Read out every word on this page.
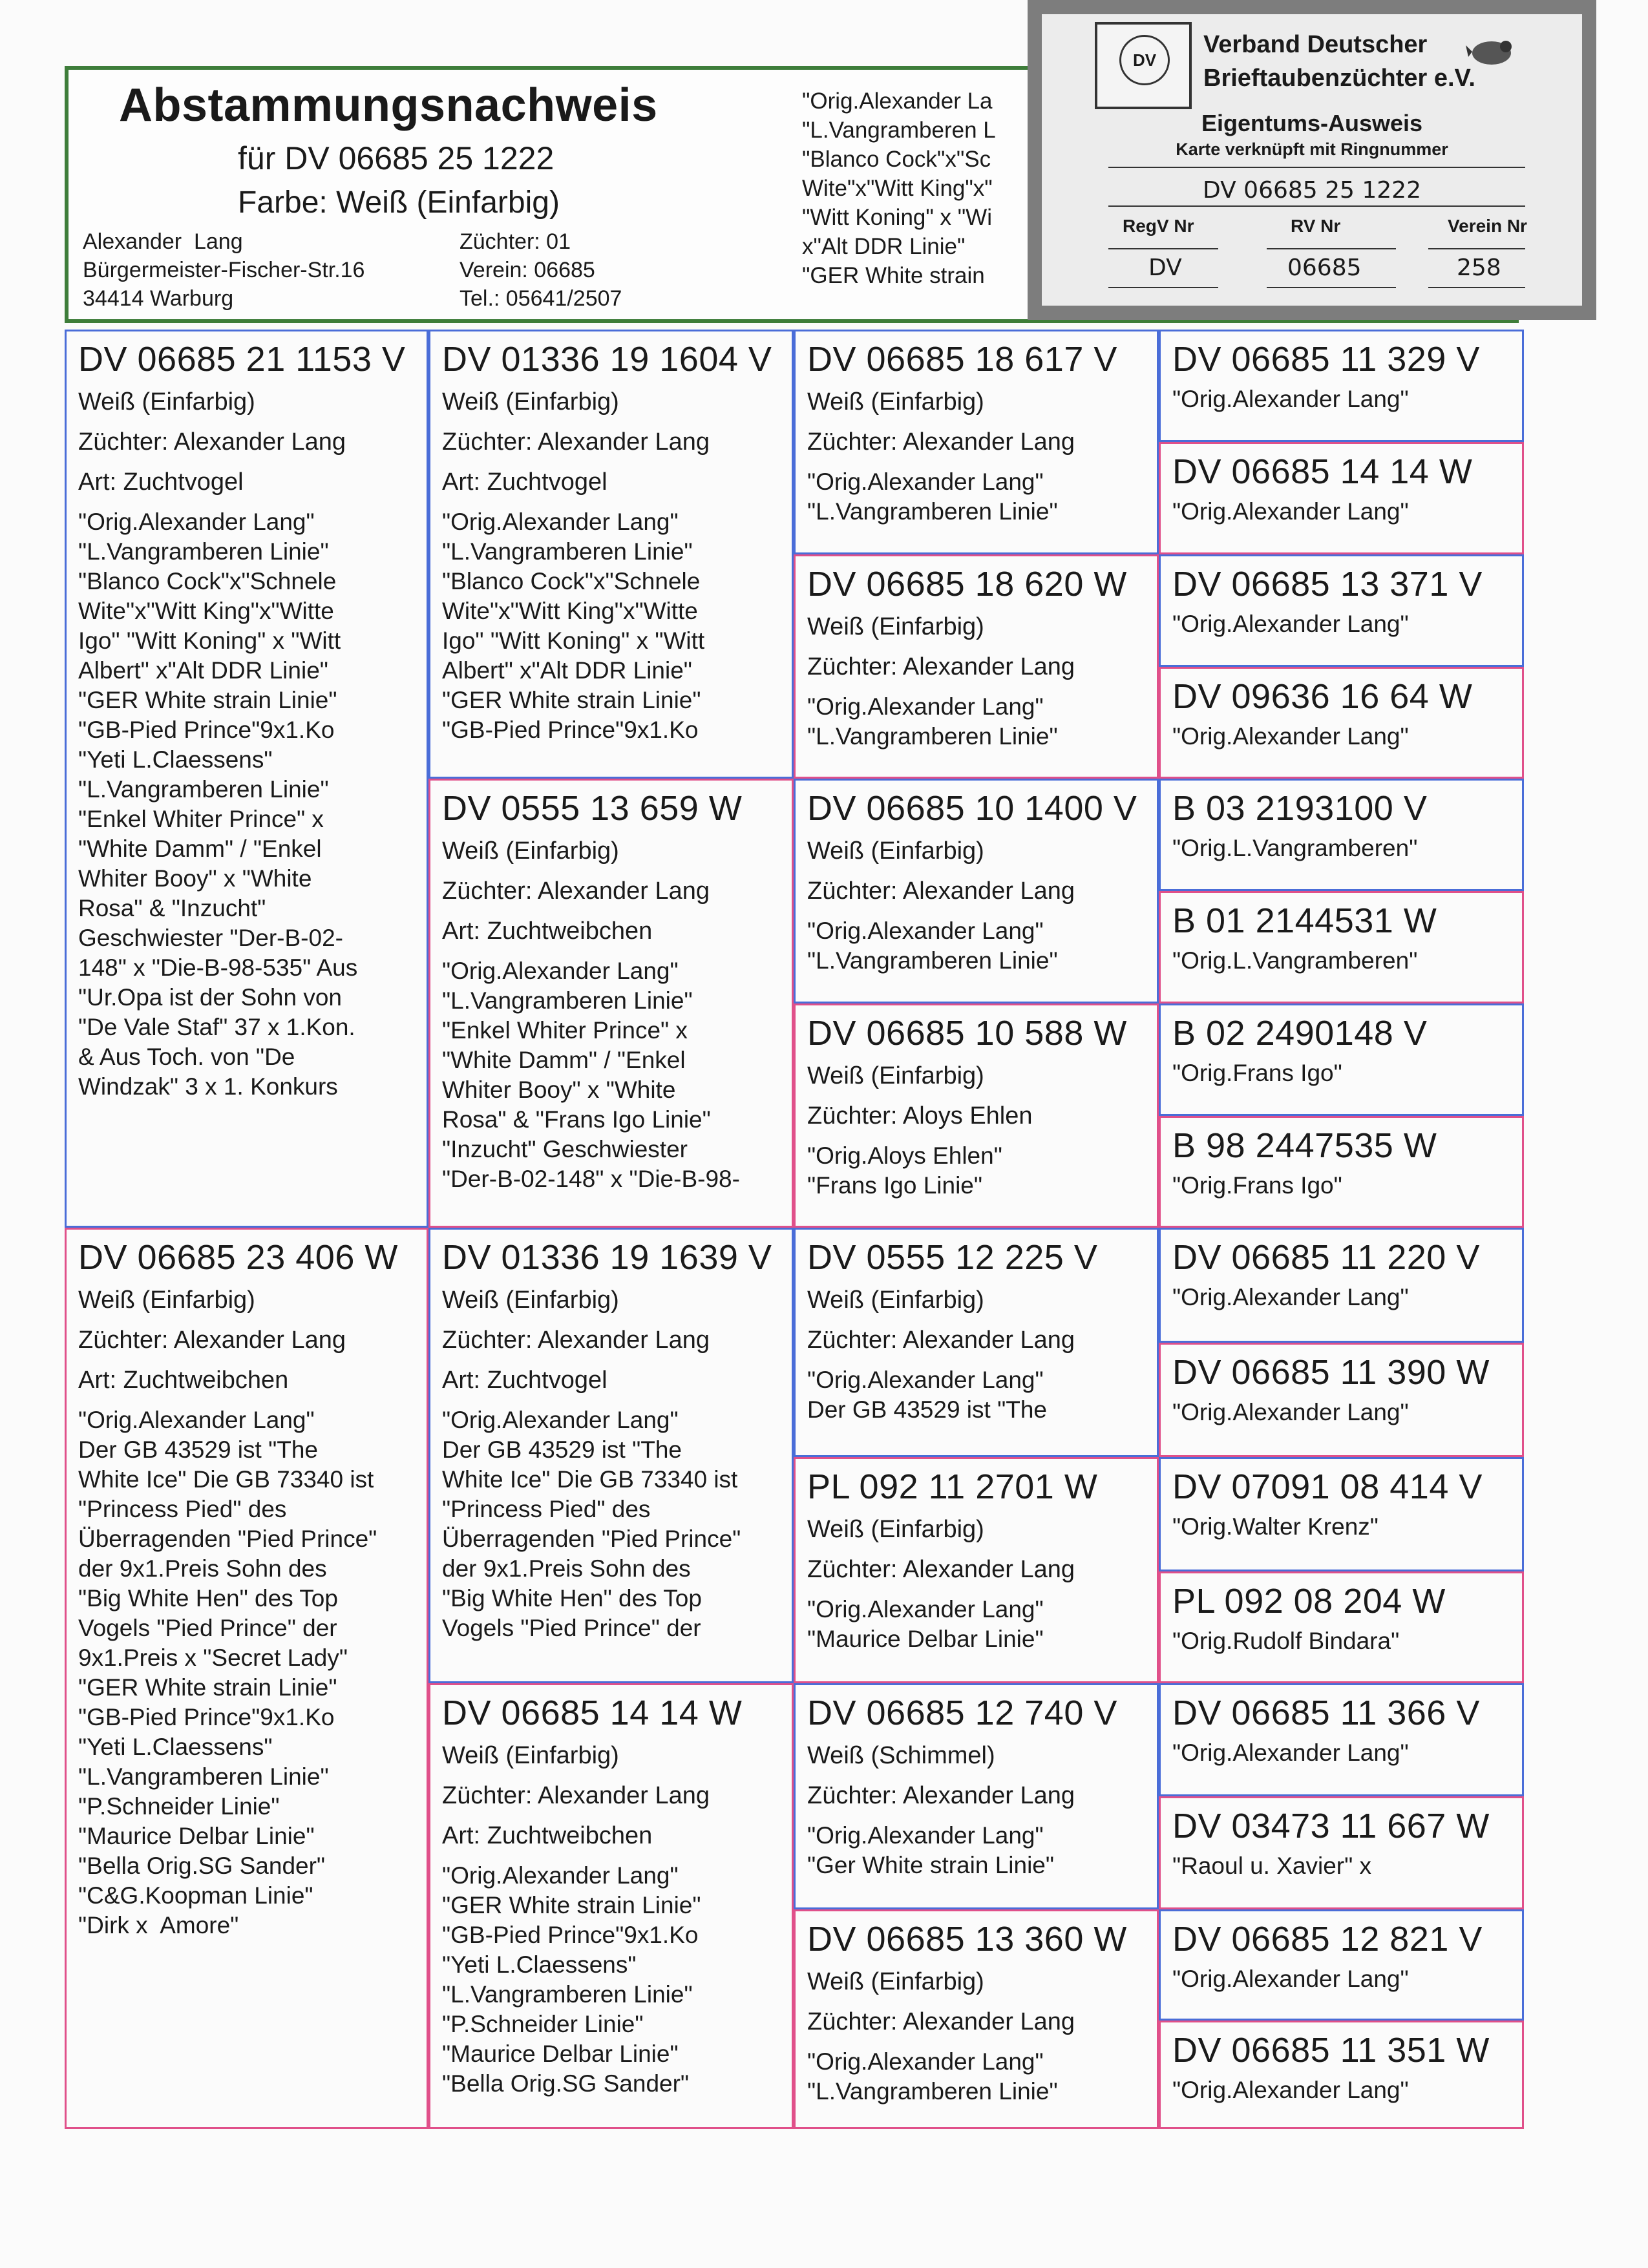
Abstammungsnachweis
für DV 06685 25 1222
Farbe: Weiß (Einfarbig)
Alexander  Lang
Bürgermeister-Fischer-Str.16
34414 Warburg
Züchter: 01
Verein: 06685
Tel.: 05641/2507
"Orig.Alexander La
"L.Vangramberen L
"Blanco Cock"x"Sc
Wite"x"Witt King"x"
"Witt Koning" x "Wi
x"Alt DDR Linie"
"GER White strain
DV
Verband Deutscher
Brieftaubenzüchter e.V.
Eigentums-Ausweis
Karte verknüpft mit Ringnummer
DV 06685 25 1222
RegV Nr	RV Nr	Verein Nr
DV	06685	258
DV 06685 21 1153 V
Weiß (Einfarbig)
Züchter: Alexander Lang
Art: Zuchtvogel
"Orig.Alexander Lang"
"L.Vangramberen Linie"
"Blanco Cock"x"Schnele
Wite"x"Witt King"x"Witte
Igo" "Witt Koning" x "Witt
Albert" x"Alt DDR Linie"
"GER White strain Linie"
"GB-Pied Prince"9x1.Ko
"Yeti L.Claessens"
"L.Vangramberen Linie"
"Enkel Whiter Prince" x
"White Damm" / "Enkel
Whiter Booy" x "White
Rosa" & "Inzucht"
Geschwiester "Der-B-02-
148" x "Die-B-98-535" Aus
"Ur.Opa ist der Sohn von
"De Vale Staf" 37 x 1.Kon.
& Aus Toch. von "De
Windzak" 3 x 1. Konkurs
DV 01336 19 1604 V
Weiß (Einfarbig)
Züchter: Alexander Lang
Art: Zuchtvogel
"Orig.Alexander Lang"
"L.Vangramberen Linie"
"Blanco Cock"x"Schnele
Wite"x"Witt King"x"Witte
Igo" "Witt Koning" x "Witt
Albert" x"Alt DDR Linie"
"GER White strain Linie"
"GB-Pied Prince"9x1.Ko
DV 0555 13 659 W
Weiß (Einfarbig)
Züchter: Alexander Lang
Art: Zuchtweibchen
"Orig.Alexander Lang"
"L.Vangramberen Linie"
"Enkel Whiter Prince" x
"White Damm" / "Enkel
Whiter Booy" x "White
Rosa" & "Frans Igo Linie"
"Inzucht" Geschwiester
"Der-B-02-148" x "Die-B-98-
DV 06685 18 617 V
Weiß (Einfarbig)
Züchter: Alexander Lang
"Orig.Alexander Lang"
"L.Vangramberen Linie"
DV 06685 18 620 W
Weiß (Einfarbig)
Züchter: Alexander Lang
"Orig.Alexander Lang"
"L.Vangramberen Linie"
DV 06685 10 1400 V
Weiß (Einfarbig)
Züchter: Alexander Lang
"Orig.Alexander Lang"
"L.Vangramberen Linie"
DV 06685 10 588 W
Weiß (Einfarbig)
Züchter: Aloys Ehlen
"Orig.Aloys Ehlen"
"Frans Igo Linie"
DV 06685 11 329 V
"Orig.Alexander Lang"
DV 06685 14 14 W
"Orig.Alexander Lang"
DV 06685 13 371 V
"Orig.Alexander Lang"
DV 09636 16 64 W
"Orig.Alexander Lang"
B 03 2193100 V
"Orig.L.Vangramberen"
B 01 2144531 W
"Orig.L.Vangramberen"
B 02 2490148 V
"Orig.Frans Igo"
B 98 2447535 W
"Orig.Frans Igo"
DV 06685 23 406 W
Weiß (Einfarbig)
Züchter: Alexander Lang
Art: Zuchtweibchen
"Orig.Alexander Lang"
Der GB 43529 ist "The
White Ice" Die GB 73340 ist
"Princess Pied" des
Überragenden "Pied Prince"
der 9x1.Preis Sohn des
"Big White Hen" des Top
Vogels "Pied Prince" der
9x1.Preis x "Secret Lady"
"GER White strain Linie"
"GB-Pied Prince"9x1.Ko
"Yeti L.Claessens"
"L.Vangramberen Linie"
"P.Schneider Linie"
"Maurice Delbar Linie"
"Bella Orig.SG Sander"
"C&G.Koopman Linie"
"Dirk x  Amore"
DV 01336 19 1639 V
Weiß (Einfarbig)
Züchter: Alexander Lang
Art: Zuchtvogel
"Orig.Alexander Lang"
Der GB 43529 ist "The
White Ice" Die GB 73340 ist
"Princess Pied" des
Überragenden "Pied Prince"
der 9x1.Preis Sohn des
"Big White Hen" des Top
Vogels "Pied Prince" der
DV 06685 14 14 W
Weiß (Einfarbig)
Züchter: Alexander Lang
Art: Zuchtweibchen
"Orig.Alexander Lang"
"GER White strain Linie"
"GB-Pied Prince"9x1.Ko
"Yeti L.Claessens"
"L.Vangramberen Linie"
"P.Schneider Linie"
"Maurice Delbar Linie"
"Bella Orig.SG Sander"
DV 0555 12 225 V
Weiß (Einfarbig)
Züchter: Alexander Lang
"Orig.Alexander Lang"
Der GB 43529 ist "The
PL 092 11 2701 W
Weiß (Einfarbig)
Züchter: Alexander Lang
"Orig.Alexander Lang"
"Maurice Delbar Linie"
DV 06685 12 740 V
Weiß (Schimmel)
Züchter: Alexander Lang
"Orig.Alexander Lang"
"Ger White strain Linie"
DV 06685 13 360 W
Weiß (Einfarbig)
Züchter: Alexander Lang
"Orig.Alexander Lang"
"L.Vangramberen Linie"
DV 06685 11 220 V
"Orig.Alexander Lang"
DV 06685 11 390 W
"Orig.Alexander Lang"
DV 07091 08 414 V
"Orig.Walter Krenz"
PL 092 08 204 W
"Orig.Rudolf Bindara"
DV 06685 11 366 V
"Orig.Alexander Lang"
DV 03473 11 667 W
"Raoul u. Xavier" x
DV 06685 12 821 V
"Orig.Alexander Lang"
DV 06685 11 351 W
"Orig.Alexander Lang"
